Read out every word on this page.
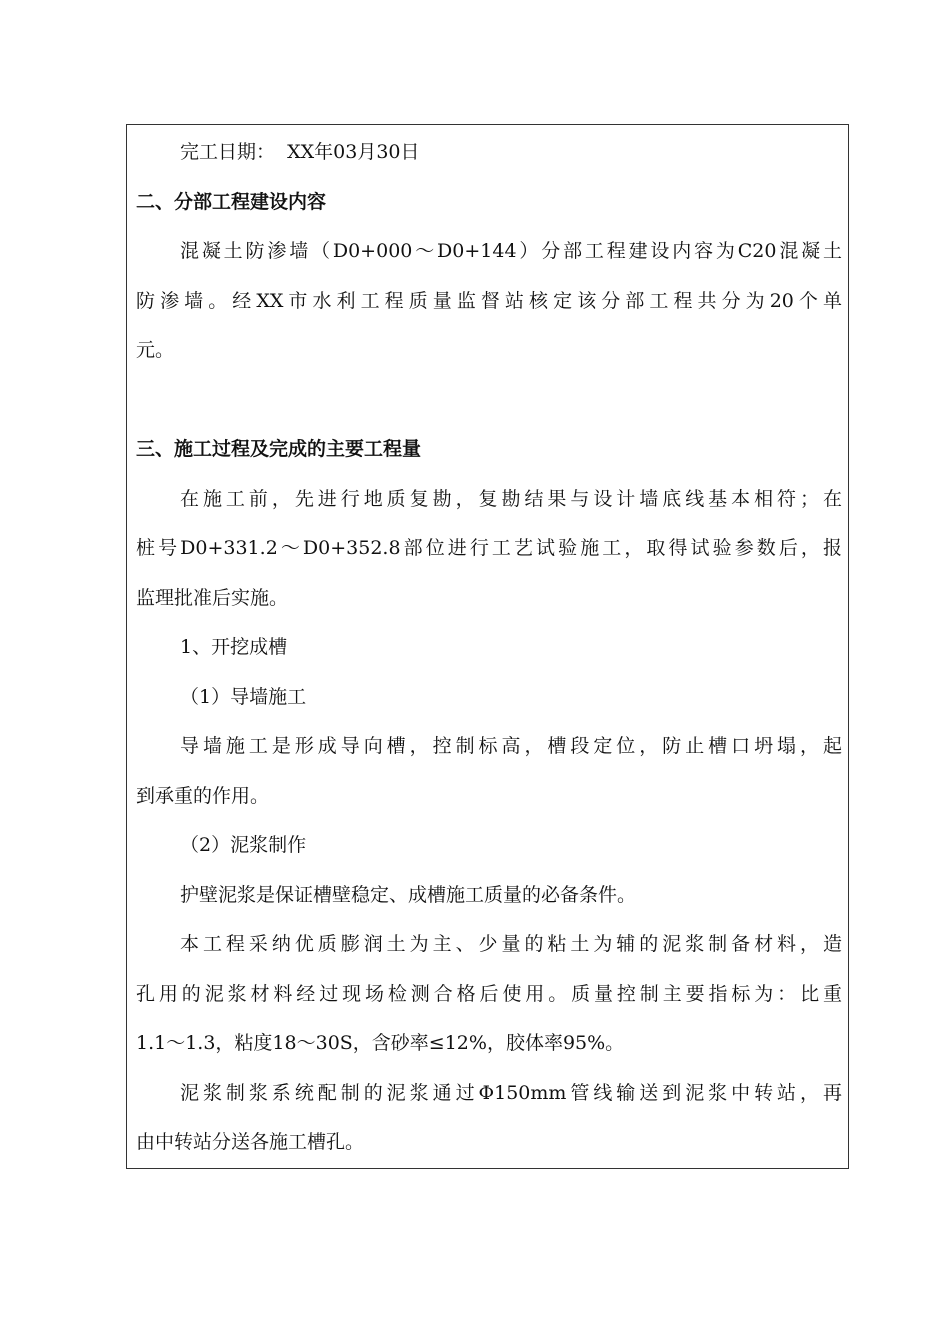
完工日期： XX年03月30日

二、分部工程建设内容

混凝土防渗墙（D0+000～D0+144）分部工程建设内容为C20混凝土

防渗墙。经XX市水利工程质量监督站核定该分部工程共分为20个单

元。

三、施工过程及完成的主要工程量

在施工前，先进行地质复勘，复勘结果与设计墙底线基本相符；在

桩号D0+331.2～D0+352.8部位进行工艺试验施工，取得试验参数后，报

监理批准后实施。

1、开挖成槽

（1）导墙施工

导墙施工是形成导向槽，控制标高，槽段定位，防止槽口坍塌，起

到承重的作用。

（2）泥浆制作

护壁泥浆是保证槽壁稳定、成槽施工质量的必备条件。

本工程采纳优质膨润土为主、少量的粘土为辅的泥浆制备材料，造

孔用的泥浆材料经过现场检测合格后使用。质量控制主要指标为：比重

1.1～1.3，粘度18～30S，含砂率≤12%，胶体率95%。

泥浆制浆系统配制的泥浆通过Φ150mm管线输送到泥浆中转站，再

由中转站分送各施工槽孔。
